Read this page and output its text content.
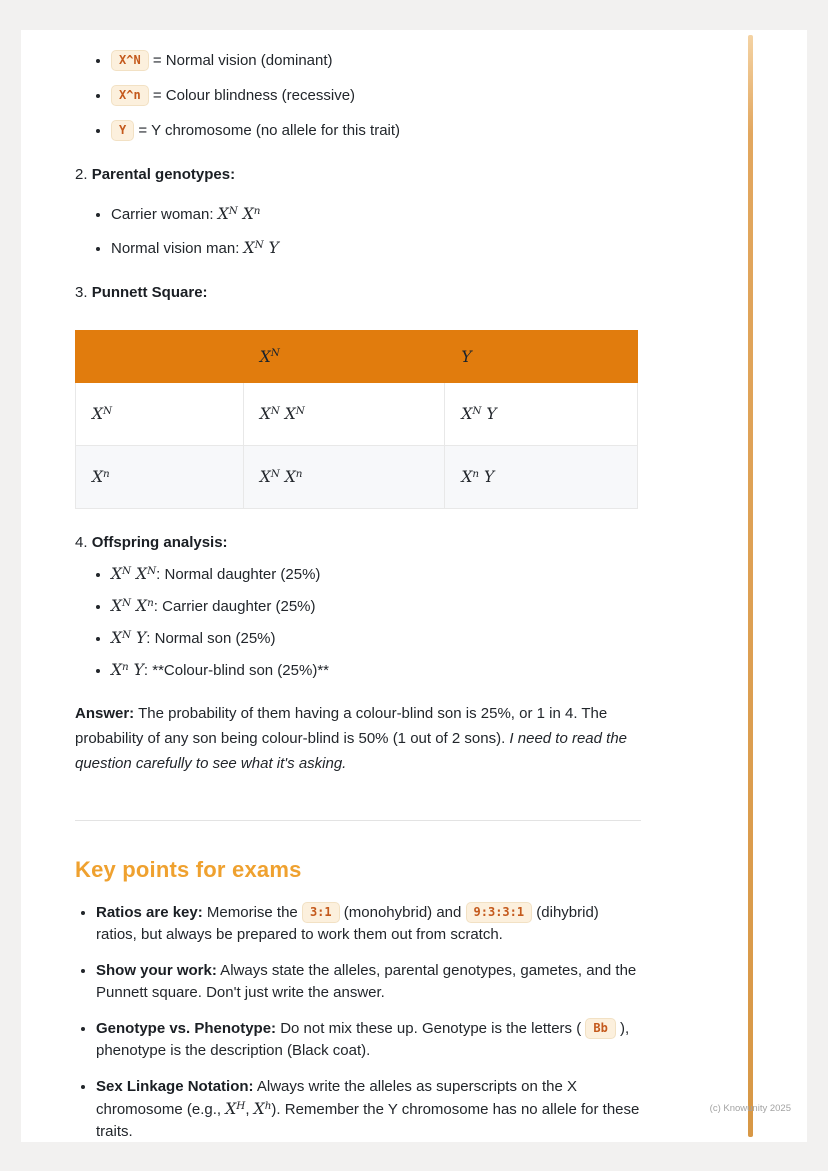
• X^N = Normal vision (dominant)
• X^n = Colour blindness (recessive)
• Y = Y chromosome (no allele for this trait)
2. Parental genotypes:
• Carrier woman: $X^N$ $X^n$
• Normal vision man: $X^N$ Y
3. Punnett Square:
	$X^N$	Y
$X^N$	$X^N$ $X^N$	$X^N$ Y
$X^n$	$X^N$ $X^n$	$X^n$ Y
4. Offspring analysis:
• $X^N$ $X^N$: Normal daughter (25%)
• $X^N$ $X^n$: Carrier daughter (25%)
• $X^N$ Y: Normal son (25%)
• $X^n$ Y: **Colour-blind son (25%)**

Answer: The probability of them having a colour-blind son is 25%, or 1 in 4. The probability of any son being colour-blind is 50% (1 out of 2 sons). I need to read the question carefully to see what it's asking.

Key points for exams
• Ratios are key: Memorise the 3:1 (monohybrid) and 9:3:3:1 (dihybrid) ratios, but always be prepared to work them out from scratch.
• Show your work: Always state the alleles, parental genotypes, gametes, and the Punnett square. Don't just write the answer.
• Genotype vs. Phenotype: Do not mix these up. Genotype is the letters ( Bb ), phenotype is the description (Black coat).
• Sex Linkage Notation: Always write the alleles as superscripts on the X chromosome (e.g., $X^H$, $X^h$). Remember the Y chromosome has no allele for these traits.
(c) Knowunity 2025
